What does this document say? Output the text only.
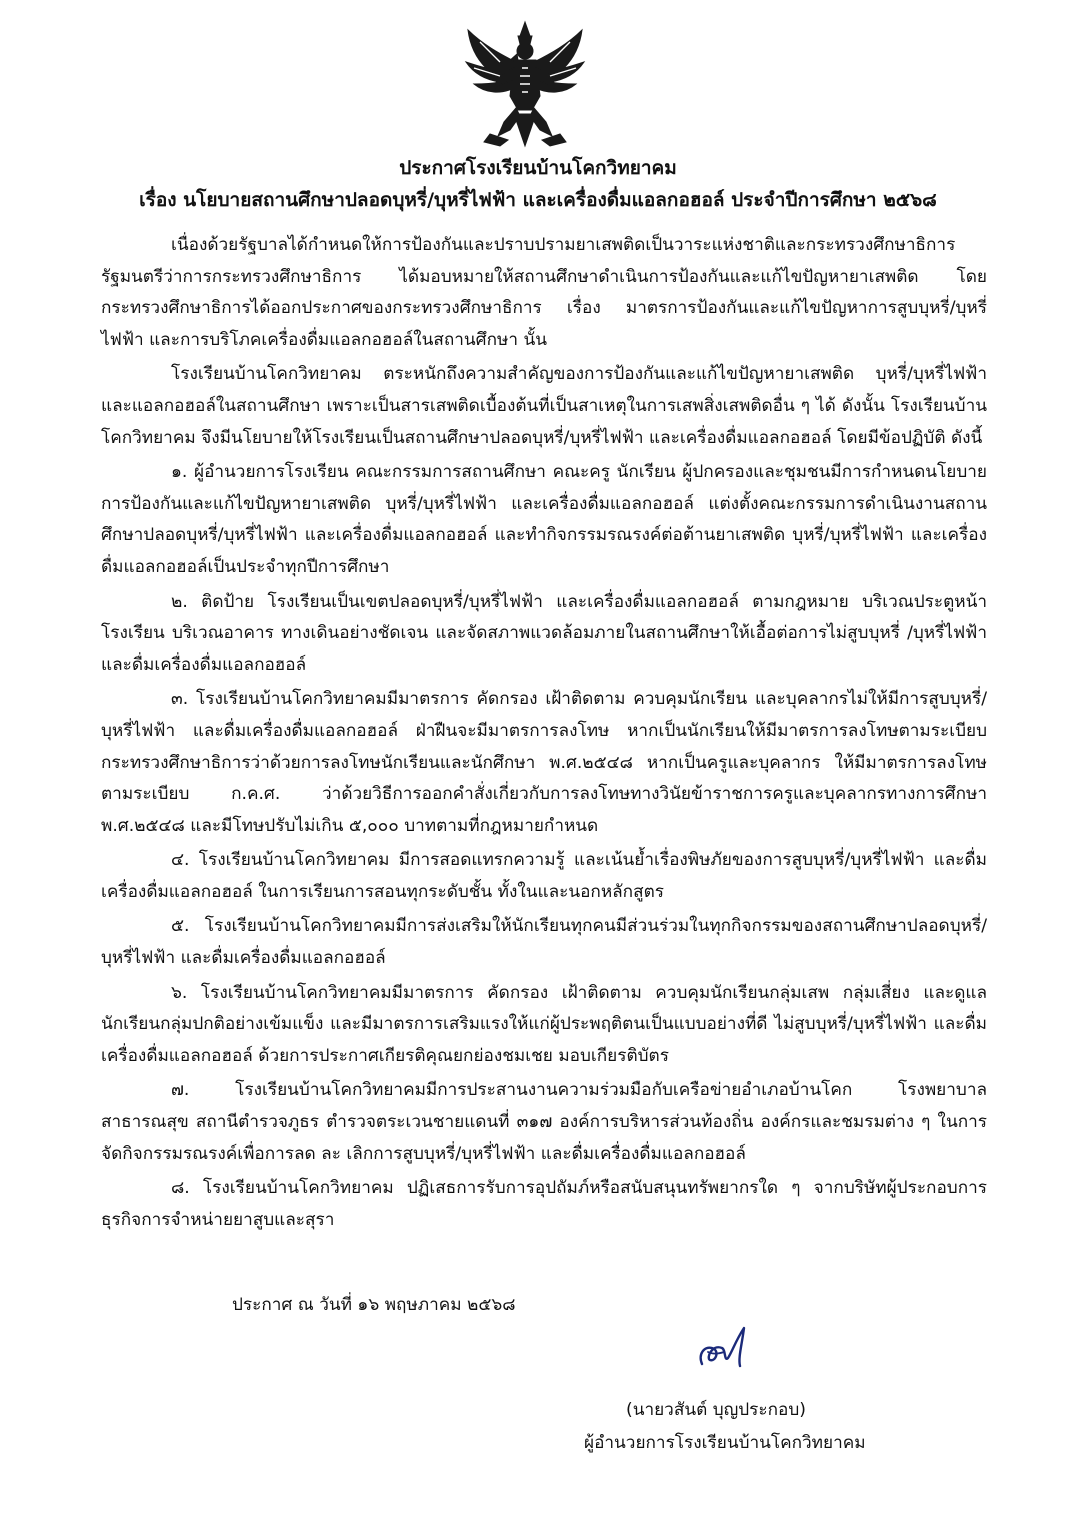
ประกาศโรงเรียนบ้านโคกวิทยาคม

เรื่อง นโยบายสถานศึกษาปลอดบุหรี่/บุหรี่ไฟฟ้า และเครื่องดื่มแอลกอฮอล์ ประจำปีการศึกษา ๒๕๖๘

เนื่องด้วยรัฐบาลได้กำหนดให้การป้องกันและปราบปรามยาเสพติดเป็นวาระแห่งชาติและกระทรวงศึกษาธิการ รัฐมนตรีว่าการกระทรวงศึกษาธิการ ได้มอบหมายให้สถานศึกษาดำเนินการป้องกันและแก้ไขปัญหายาเสพติด โดยกระทรวงศึกษาธิการได้ออกประกาศของกระทรวงศึกษาธิการ เรื่อง มาตรการป้องกันและแก้ไขปัญหาการสูบบุหรี่/บุหรี่ไฟฟ้า และการบริโภคเครื่องดื่มแอลกอฮอล์ในสถานศึกษา นั้น

โรงเรียนบ้านโคกวิทยาคม ตระหนักถึงความสำคัญของการป้องกันและแก้ไขปัญหายาเสพติด บุหรี่/บุหรี่ไฟฟ้า และแอลกอฮอล์ในสถานศึกษา เพราะเป็นสารเสพติดเบื้องต้นที่เป็นสาเหตุในการเสพสิ่งเสพติดอื่น ๆ ได้ ดังนั้น โรงเรียนบ้านโคกวิทยาคม จึงมีนโยบายให้โรงเรียนเป็นสถานศึกษาปลอดบุหรี่/บุหรี่ไฟฟ้า และเครื่องดื่มแอลกอฮอล์ โดยมีข้อปฏิบัติ ดังนี้

๑. ผู้อำนวยการโรงเรียน คณะกรรมการสถานศึกษา คณะครู นักเรียน ผู้ปกครองและชุมชนมีการกำหนดนโยบายการป้องกันและแก้ไขปัญหายาเสพติด บุหรี่/บุหรี่ไฟฟ้า และเครื่องดื่มแอลกอฮอล์ แต่งตั้งคณะกรรมการดำเนินงานสถานศึกษาปลอดบุหรี่/บุหรี่ไฟฟ้า และเครื่องดื่มแอลกอฮอล์ และทำกิจกรรมรณรงค์ต่อต้านยาเสพติด บุหรี่/บุหรี่ไฟฟ้า และเครื่องดื่มแอลกอฮอล์เป็นประจำทุกปีการศึกษา

๒. ติดป้าย โรงเรียนเป็นเขตปลอดบุหรี่/บุหรี่ไฟฟ้า และเครื่องดื่มแอลกอฮอล์ ตามกฎหมาย บริเวณประตูหน้าโรงเรียน บริเวณอาคาร ทางเดินอย่างชัดเจน และจัดสภาพแวดล้อมภายในสถานศึกษาให้เอื้อต่อการไม่สูบบุหรี่ /บุหรี่ไฟฟ้า และดื่มเครื่องดื่มแอลกอฮอล์

๓. โรงเรียนบ้านโคกวิทยาคมมีมาตรการ คัดกรอง เฝ้าติดตาม ควบคุมนักเรียน และบุคลากรไม่ให้มีการสูบบุหรี่/บุหรี่ไฟฟ้า และดื่มเครื่องดื่มแอลกอฮอล์ ฝ่าฝืนจะมีมาตรการลงโทษ หากเป็นนักเรียนให้มีมาตรการลงโทษตามระเบียบ กระทรวงศึกษาธิการว่าด้วยการลงโทษนักเรียนและนักศึกษา พ.ศ.๒๕๔๘ หากเป็นครูและบุคลากร ให้มีมาตรการลงโทษตามระเบียบ ก.ค.ศ. ว่าด้วยวิธีการออกคำสั่งเกี่ยวกับการลงโทษทางวินัยข้าราชการครูและบุคลากรทางการศึกษา พ.ศ.๒๕๔๘ และมีโทษปรับไม่เกิน ๕,๐๐๐ บาทตามที่กฎหมายกำหนด

๔. โรงเรียนบ้านโคกวิทยาคม มีการสอดแทรกความรู้ และเน้นย้ำเรื่องพิษภัยของการสูบบุหรี่/บุหรี่ไฟฟ้า และดื่มเครื่องดื่มแอลกอฮอล์ ในการเรียนการสอนทุกระดับชั้น ทั้งในและนอกหลักสูตร

๕. โรงเรียนบ้านโคกวิทยาคมมีการส่งเสริมให้นักเรียนทุกคนมีส่วนร่วมในทุกกิจกรรมของสถานศึกษาปลอดบุหรี่/บุหรี่ไฟฟ้า และดื่มเครื่องดื่มแอลกอฮอล์

๖. โรงเรียนบ้านโคกวิทยาคมมีมาตรการ คัดกรอง เฝ้าติดตาม ควบคุมนักเรียนกลุ่มเสพ กลุ่มเสี่ยง และดูแลนักเรียนกลุ่มปกติอย่างเข้มแข็ง และมีมาตรการเสริมแรงให้แก่ผู้ประพฤติตนเป็นแบบอย่างที่ดี ไม่สูบบุหรี่/บุหรี่ไฟฟ้า และดื่มเครื่องดื่มแอลกอฮอล์ ด้วยการประกาศเกียรติคุณยกย่องชมเชย มอบเกียรติบัตร

๗. โรงเรียนบ้านโคกวิทยาคมมีการประสานงานความร่วมมือกับเครือข่ายอำเภอบ้านโคก โรงพยาบาลสาธารณสุข สถานีตำรวจภูธร ตำรวจตระเวนชายแดนที่ ๓๑๗ องค์การบริหารส่วนท้องถิ่น องค์กรและชมรมต่าง ๆ ในการจัดกิจกรรมรณรงค์เพื่อการลด ละ เลิกการสูบบุหรี่/บุหรี่ไฟฟ้า และดื่มเครื่องดื่มแอลกอฮอล์

๘. โรงเรียนบ้านโคกวิทยาคม ปฏิเสธการรับการอุปถัมภ์หรือสนับสนุนทรัพยากรใด ๆ จากบริษัทผู้ประกอบการธุรกิจการจำหน่ายยาสูบและสุรา

ประกาศ ณ วันที่ ๑๖ พฤษภาคม ๒๕๖๘
(นายวสันต์ บุญประกอบ)
ผู้อำนวยการโรงเรียนบ้านโคกวิทยาคม
